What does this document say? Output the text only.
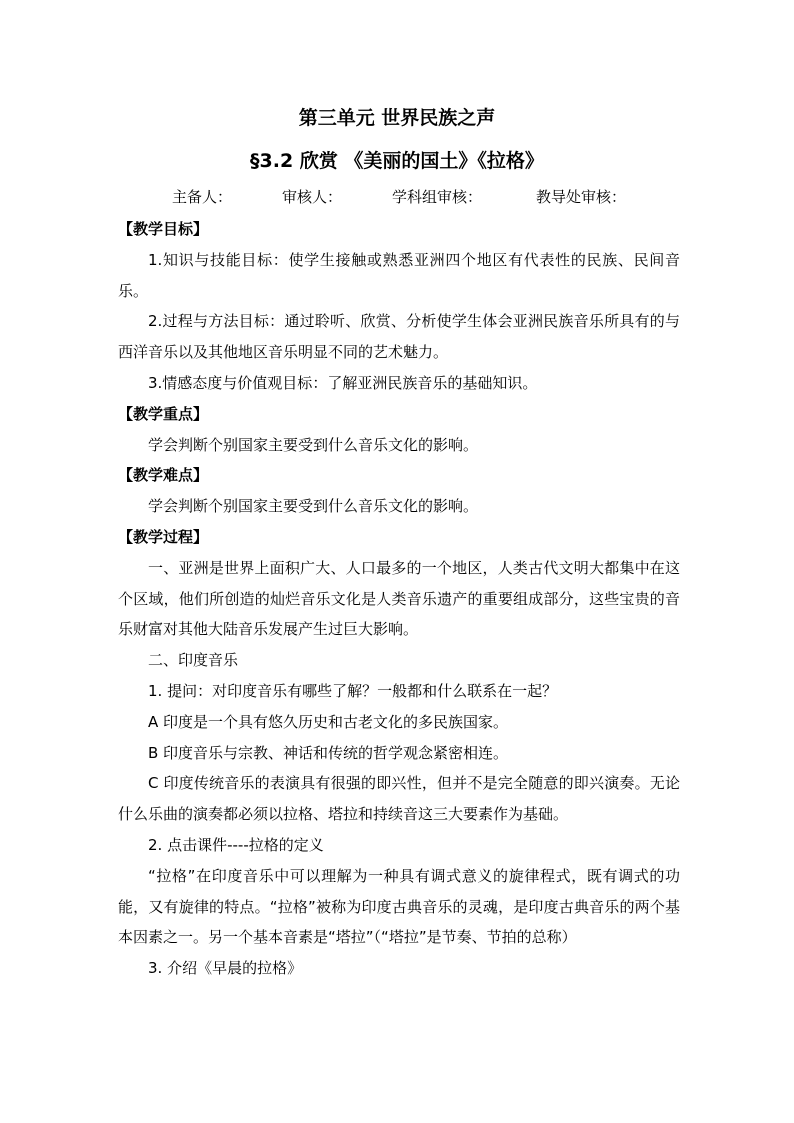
第三单元 世界民族之声
§3.2 欣赏 《美丽的国土》《拉格》
主备人：	审核人：	学科组审核：	教导处审核：

【教学目标】

1.知识与技能目标：使学生接触或熟悉亚洲四个地区有代表性的民族、民间音乐。

2.过程与方法目标：通过聆听、欣赏、分析使学生体会亚洲民族音乐所具有的与西洋音乐以及其他地区音乐明显不同的艺术魅力。

3.情感态度与价值观目标：了解亚洲民族音乐的基础知识。

【教学重点】

学会判断个别国家主要受到什么音乐文化的影响。

【教学难点】

学会判断个别国家主要受到什么音乐文化的影响。

【教学过程】

一、亚洲是世界上面积广大、人口最多的一个地区，人类古代文明大都集中在这个区域，他们所创造的灿烂音乐文化是人类音乐遗产的重要组成部分，这些宝贵的音乐财富对其他大陆音乐发展产生过巨大影响。

二、印度音乐

1. 提问：对印度音乐有哪些了解？一般都和什么联系在一起？

A 印度是一个具有悠久历史和古老文化的多民族国家。

B 印度音乐与宗教、神话和传统的哲学观念紧密相连。

C 印度传统音乐的表演具有很强的即兴性，但并不是完全随意的即兴演奏。无论什么乐曲的演奏都必须以拉格、塔拉和持续音这三大要素作为基础。

2. 点击课件----拉格的定义

“拉格”在印度音乐中可以理解为一种具有调式意义的旋律程式，既有调式的功能，又有旋律的特点。“拉格”被称为印度古典音乐的灵魂，是印度古典音乐的两个基本因素之一。另一个基本音素是“塔拉”（“塔拉”是节奏、节拍的总称）

3. 介绍《早晨的拉格》
